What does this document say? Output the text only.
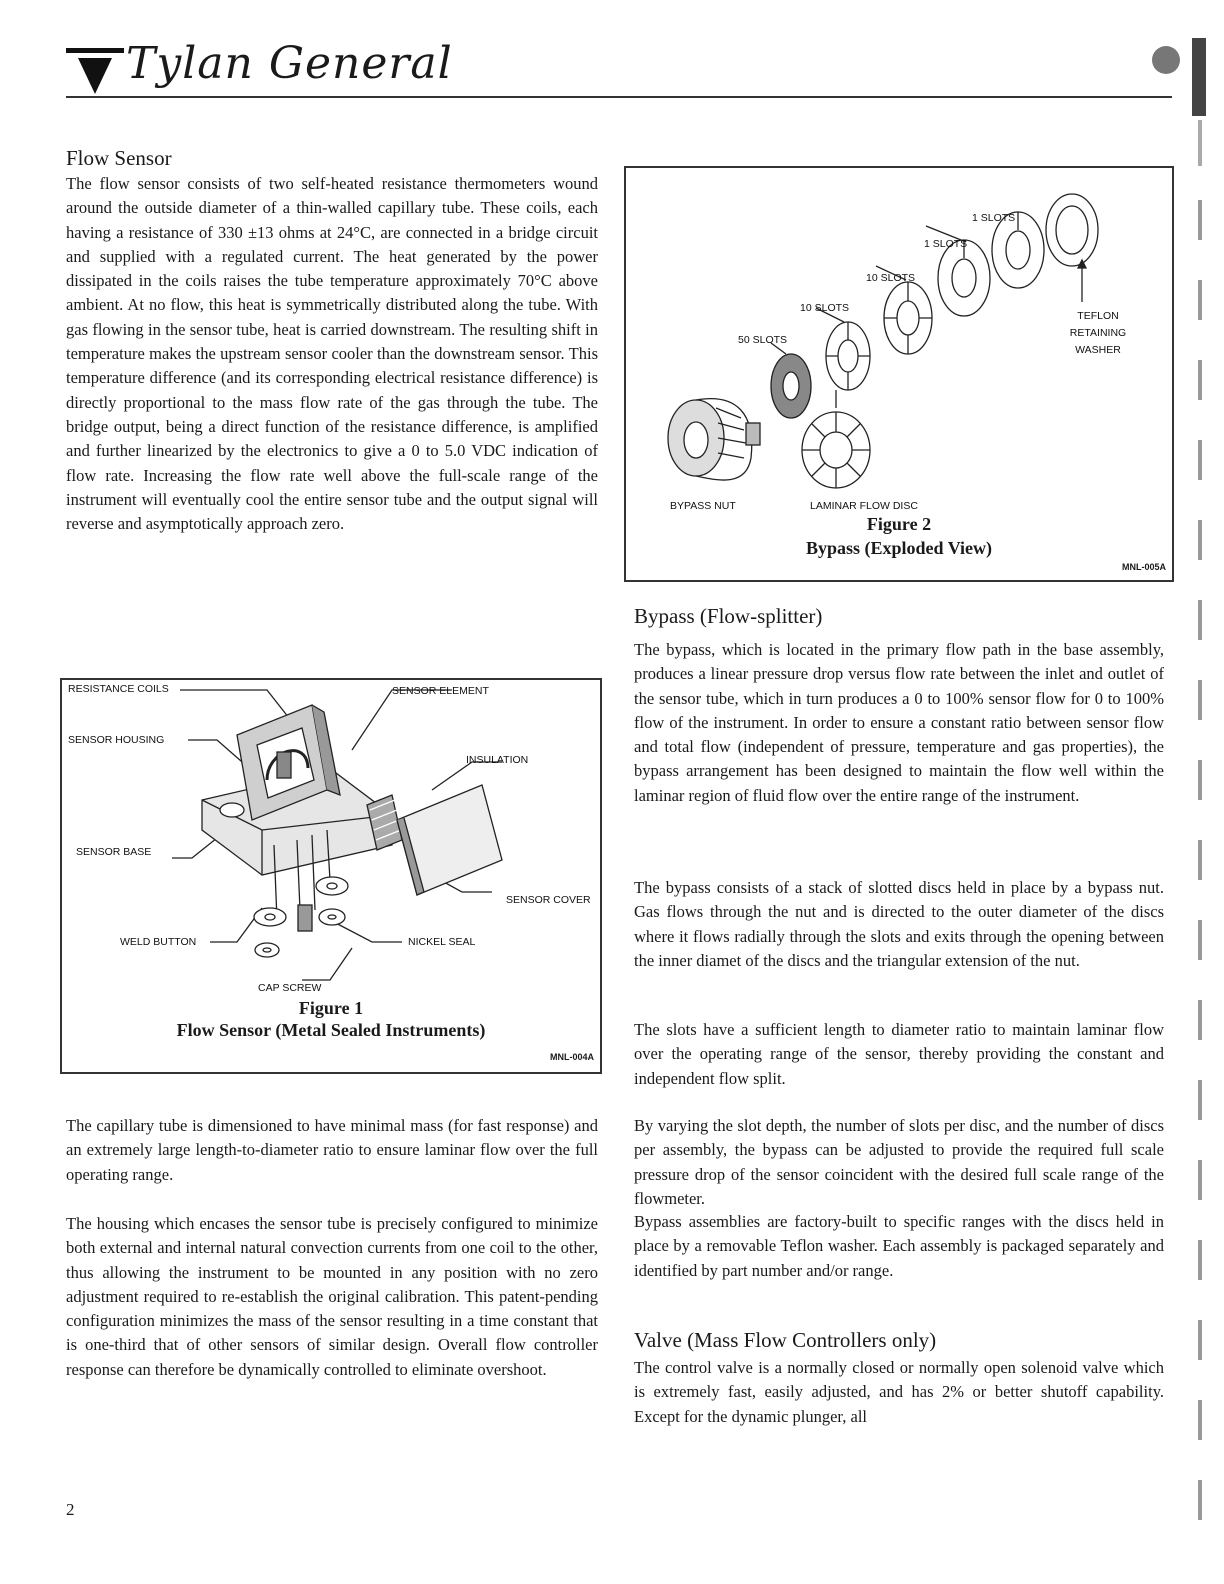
Tylan General
Flow Sensor

The flow sensor consists of two self-heated resistance thermometers wound around the outside diameter of a thin-walled capillary tube. These coils, each having a resistance of 330 ±13 ohms at 24°C, are connected in a bridge circuit and supplied with a regulated current. The heat generated by the power dissipated in the coils raises the tube temperature approximately 70°C above ambient. At no flow, this heat is symmetrically distributed along the tube. With gas flowing in the sensor tube, heat is carried downstream. The resulting shift in temperature makes the upstream sensor cooler than the downstream sensor. This temperature difference (and its corresponding electrical resistance difference) is directly proportional to the mass flow rate of the gas through the tube. The bridge output, being a direct function of the resistance difference, is amplified and further linearized by the electronics to give a 0 to 5.0 VDC indication of flow rate. Increasing the flow rate well above the full-scale range of the instrument will eventually cool the entire sensor tube and the output signal will reverse and asymptotically approach zero.

RESISTANCE COILS	SENSOR ELEMENT
SENSOR HOUSING
INSULATION
SENSOR BASE
SENSOR COVER
WELD BUTTON	NICKEL SEAL
CAP SCREW
Figure 1
Flow Sensor (Metal Sealed Instruments)
MNL-004A

The capillary tube is dimensioned to have minimal mass (for fast response) and an extremely large length-to-diameter ratio to ensure laminar flow over the full operating range.

The housing which encases the sensor tube is precisely configured to minimize both external and internal natural convection currents from one coil to the other, thus allowing the instrument to be mounted in any position with no zero adjustment required to re-establish the original calibration. This patent-pending configuration minimizes the mass of the sensor resulting in a time constant that is one-third that of other sensors of similar design. Overall flow controller response can therefore be dynamically controlled to eliminate overshoot.

1 SLOTS
1 SLOTS
10 SLOTS
10 SLOTS
50 SLOTS
TEFLON RETAINING WASHER
BYPASS NUT	LAMINAR FLOW DISC
Figure 2
Bypass (Exploded View)
MNL-005A
Bypass (Flow-splitter)

The bypass, which is located in the primary flow path in the base assembly, produces a linear pressure drop versus flow rate between the inlet and outlet of the sensor tube, which in turn produces a 0 to 100% sensor flow for 0 to 100% flow of the instrument. In order to ensure a constant ratio between sensor flow and total flow (independent of pressure, temperature and gas properties), the bypass arrangement has been designed to maintain the flow well within the laminar region of fluid flow over the entire range of the instrument.

The bypass consists of a stack of slotted discs held in place by a bypass nut. Gas flows through the nut and is directed to the outer diameter of the discs where it flows radially through the slots and exits through the opening between the inner diamet of the discs and the triangular extension of the nut.

The slots have a sufficient length to diameter ratio to maintain laminar flow over the operating range of the sensor, thereby providing the constant and independent flow split.

By varying the slot depth, the number of slots per disc, and the number of discs per assembly, the bypass can be adjusted to provide the required full scale pressure drop of the sensor coincident with the desired full scale range of the flowmeter.

Bypass assemblies are factory-built to specific ranges with the discs held in place by a removable Teflon washer. Each assembly is packaged separately and identified by part number and/or range.

Valve (Mass Flow Controllers only)

The control valve is a normally closed or normally open solenoid valve which is extremely fast, easily adjusted, and has 2% or better shutoff capability. Except for the dynamic plunger, all

2
